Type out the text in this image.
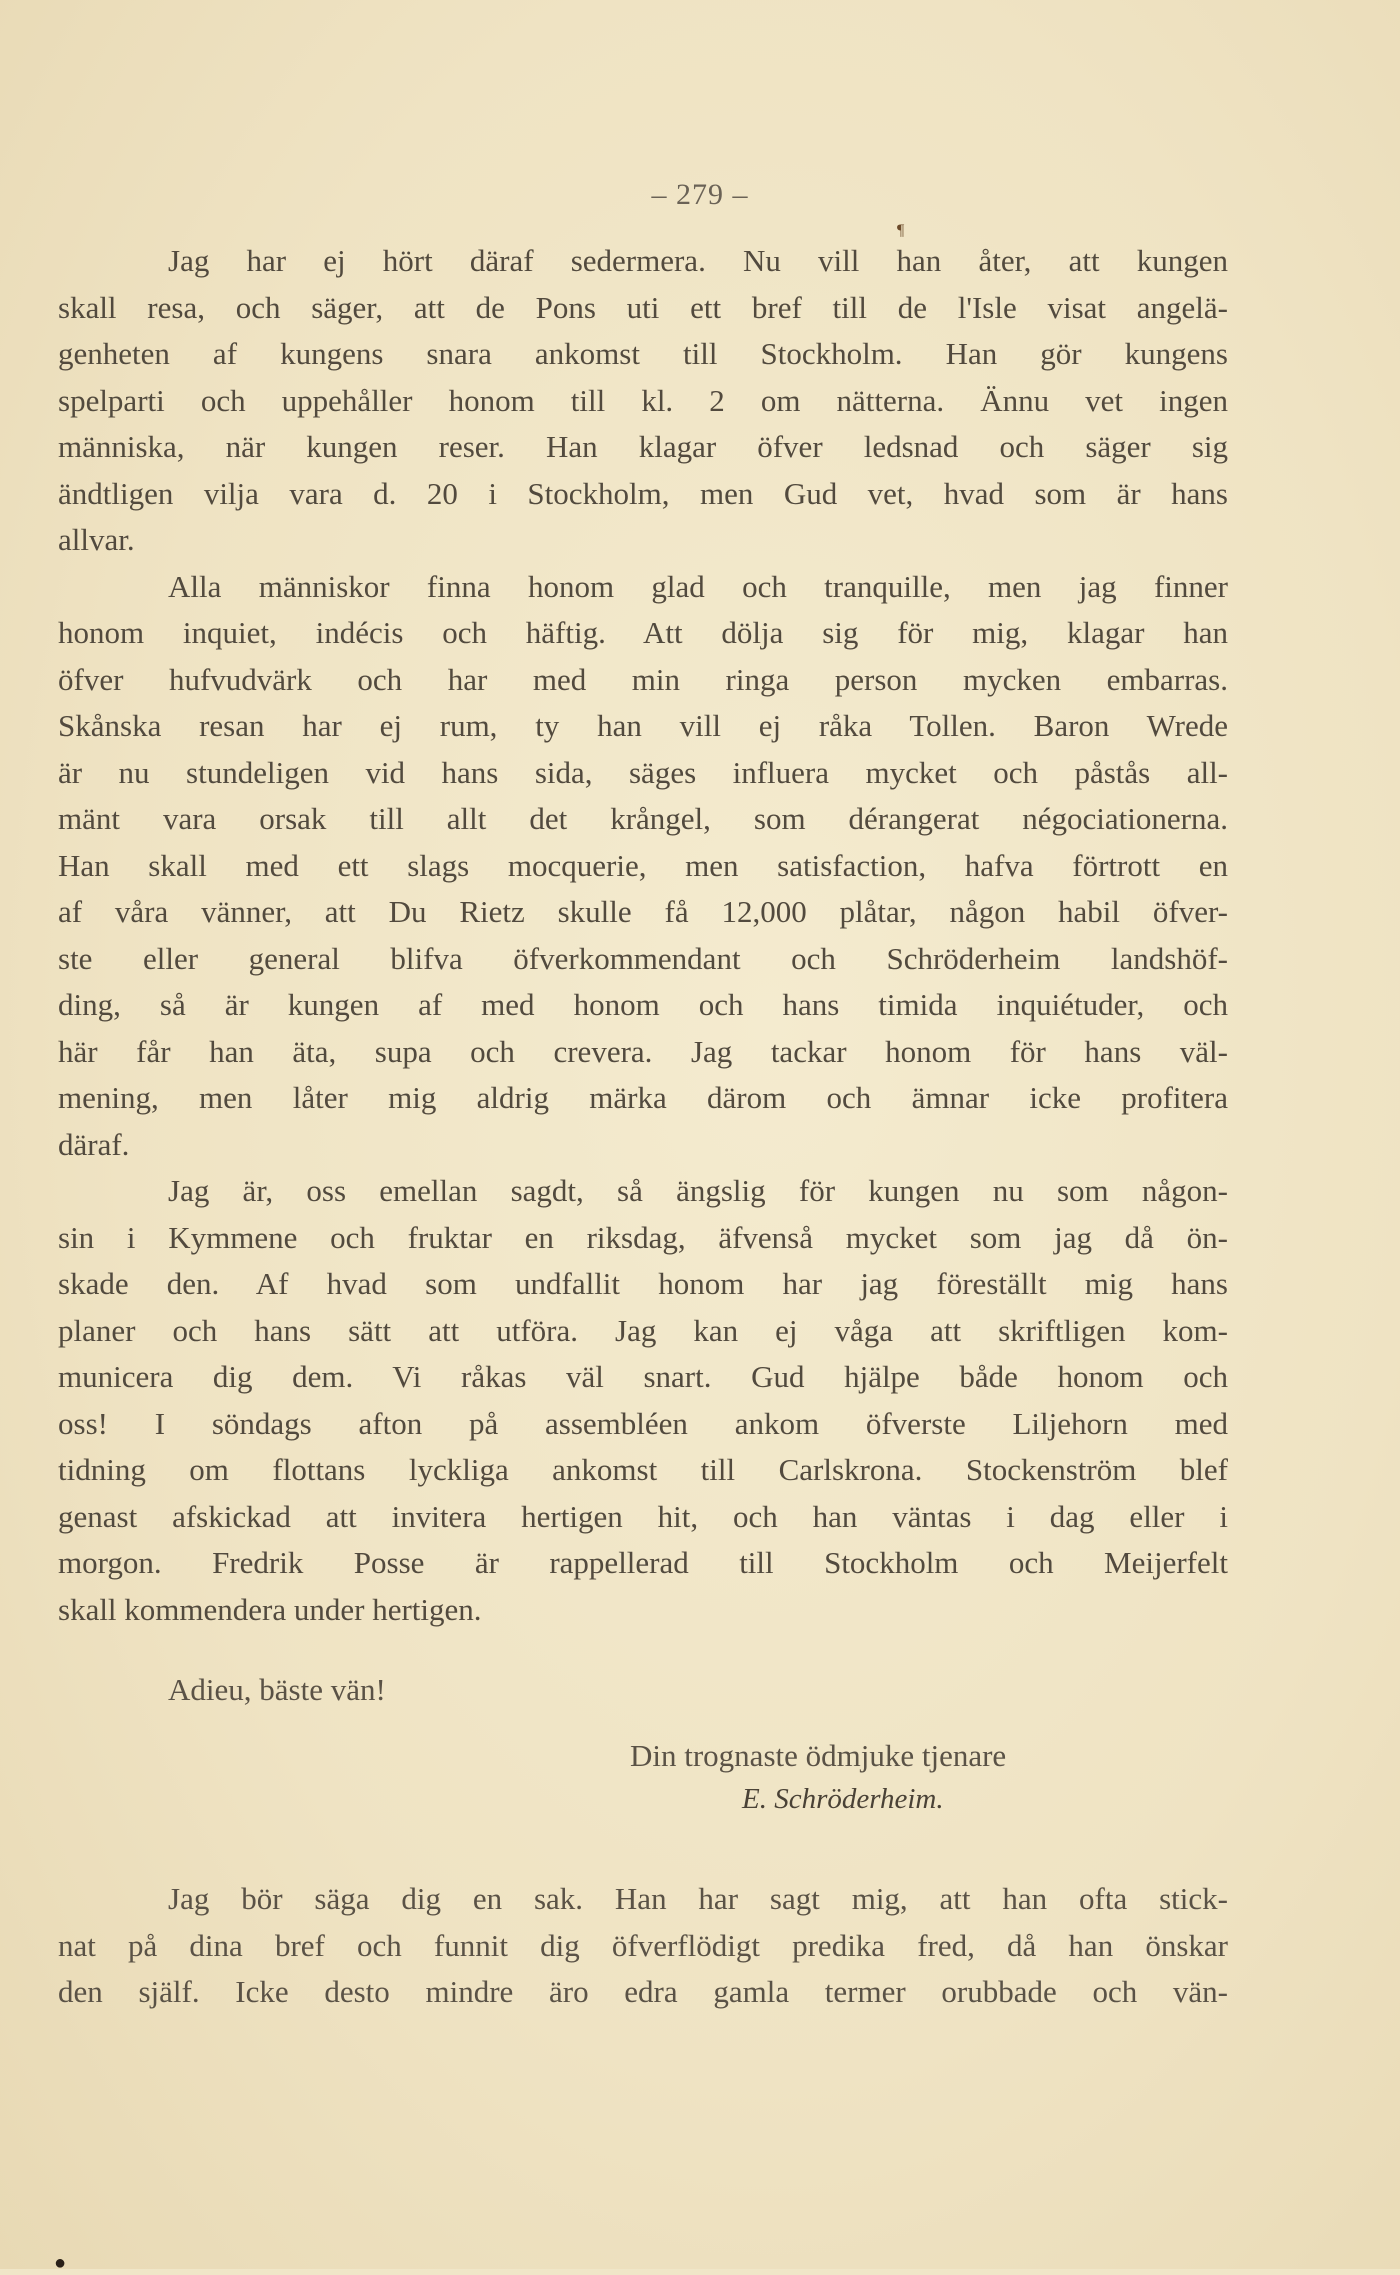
– 279 –
¶
Jag har ej hört däraf sedermera. Nu vill han åter, att kungen
skall resa, och säger, att de Pons uti ett bref till de l'Isle visat angelä-
genheten af kungens snara ankomst till Stockholm. Han gör kungens
spelparti och uppehåller honom till kl. 2 om nätterna. Ännu vet ingen
människa, när kungen reser. Han klagar öfver ledsnad och säger sig
ändtligen vilja vara d. 20 i Stockholm, men Gud vet, hvad som är hans
allvar.
Alla människor finna honom glad och tranquille, men jag finner
honom inquiet, indécis och häftig. Att dölja sig för mig, klagar han
öfver hufvudvärk och har med min ringa person mycken embarras.
Skånska resan har ej rum, ty han vill ej råka Tollen. Baron Wrede
är nu stundeligen vid hans sida, säges influera mycket och påstås all-
mänt vara orsak till allt det krångel, som dérangerat négociationerna.
Han skall med ett slags mocquerie, men satisfaction, hafva förtrott en
af våra vänner, att Du Rietz skulle få 12,000 plåtar, någon habil öfver-
ste eller general blifva öfverkommendant och Schröderheim landshöf-
ding, så är kungen af med honom och hans timida inquiétuder, och
här får han äta, supa och crevera. Jag tackar honom för hans väl-
mening, men låter mig aldrig märka därom och ämnar icke profitera
däraf.
Jag är, oss emellan sagdt, så ängslig för kungen nu som någon-
sin i Kymmene och fruktar en riksdag, äfvenså mycket som jag då ön-
skade den. Af hvad som undfallit honom har jag föreställt mig hans
planer och hans sätt att utföra. Jag kan ej våga att skriftligen kom-
municera dig dem. Vi råkas väl snart. Gud hjälpe både honom och
oss! I söndags afton på assembléen ankom öfverste Liljehorn med
tidning om flottans lyckliga ankomst till Carlskrona. Stockenström blef
genast afskickad att invitera hertigen hit, och han väntas i dag eller i
morgon. Fredrik Posse är rappellerad till Stockholm och Meijerfelt
skall kommendera under hertigen.
Adieu, bäste vän!
Din trognaste ödmjuke tjenare
E. Schröderheim.
Jag bör säga dig en sak. Han har sagt mig, att han ofta stick-
nat på dina bref och funnit dig öfverflödigt predika fred, då han önskar
den själf. Icke desto mindre äro edra gamla termer orubbade och vän-
●
